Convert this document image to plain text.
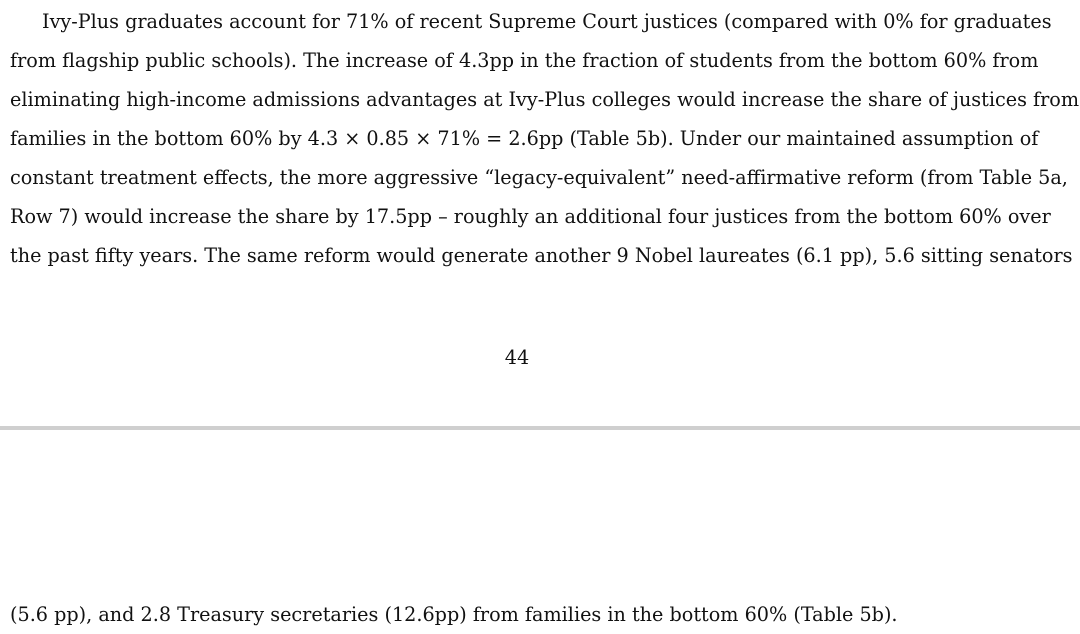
Ivy-Plus graduates account for 71% of recent Supreme Court justices (compared with 0% for graduates
from flagship public schools). The increase of 4.3pp in the fraction of students from the bottom 60% from
eliminating high-income admissions advantages at Ivy-Plus colleges would increase the share of justices from
families in the bottom 60% by 4.3 × 0.85 × 71% = 2.6pp (Table 5b). Under our maintained assumption of
constant treatment effects, the more aggressive “legacy-equivalent” need-affirmative reform (from Table 5a,
Row 7) would increase the share by 17.5pp – roughly an additional four justices from the bottom 60% over
the past fifty years. The same reform would generate another 9 Nobel laureates (6.1 pp), 5.6 sitting senators
44
(5.6 pp), and 2.8 Treasury secretaries (12.6pp) from families in the bottom 60% (Table 5b).
